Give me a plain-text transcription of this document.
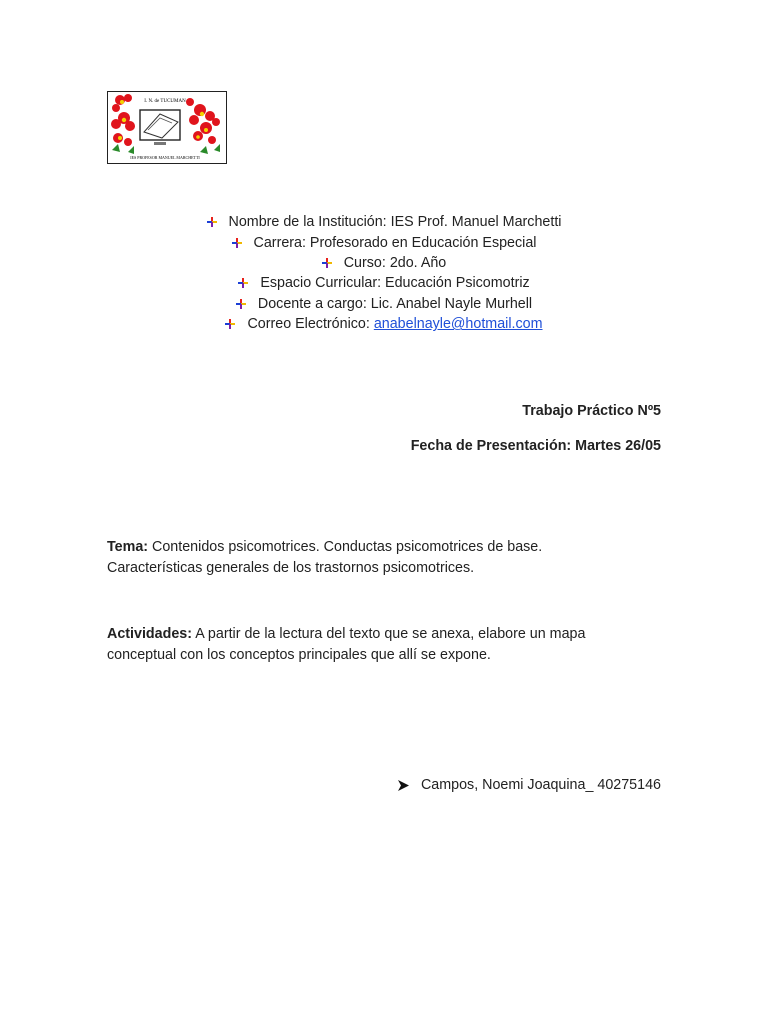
I. N. de TUCUMAN
IES PROFESOR MANUEL MARCHETTI
Nombre de la Institución: IES Prof. Manuel Marchetti
Carrera: Profesorado en Educación Especial
Curso: 2do. Año
Espacio Curricular: Educación Psicomotriz
Docente a cargo: Lic. Anabel Nayle Murhell
Correo Electrónico: anabelnayle@hotmail.com
Trabajo Práctico Nº5
Fecha de Presentación: Martes 26/05
Tema: Contenidos psicomotrices. Conductas psicomotrices de base.
Características generales de los trastornos psicomotrices.
Actividades: A partir de la lectura del texto que se anexa, elabore un mapa
conceptual con los conceptos principales que allí se expone.
Campos, Noemi Joaquina_ 40275146
